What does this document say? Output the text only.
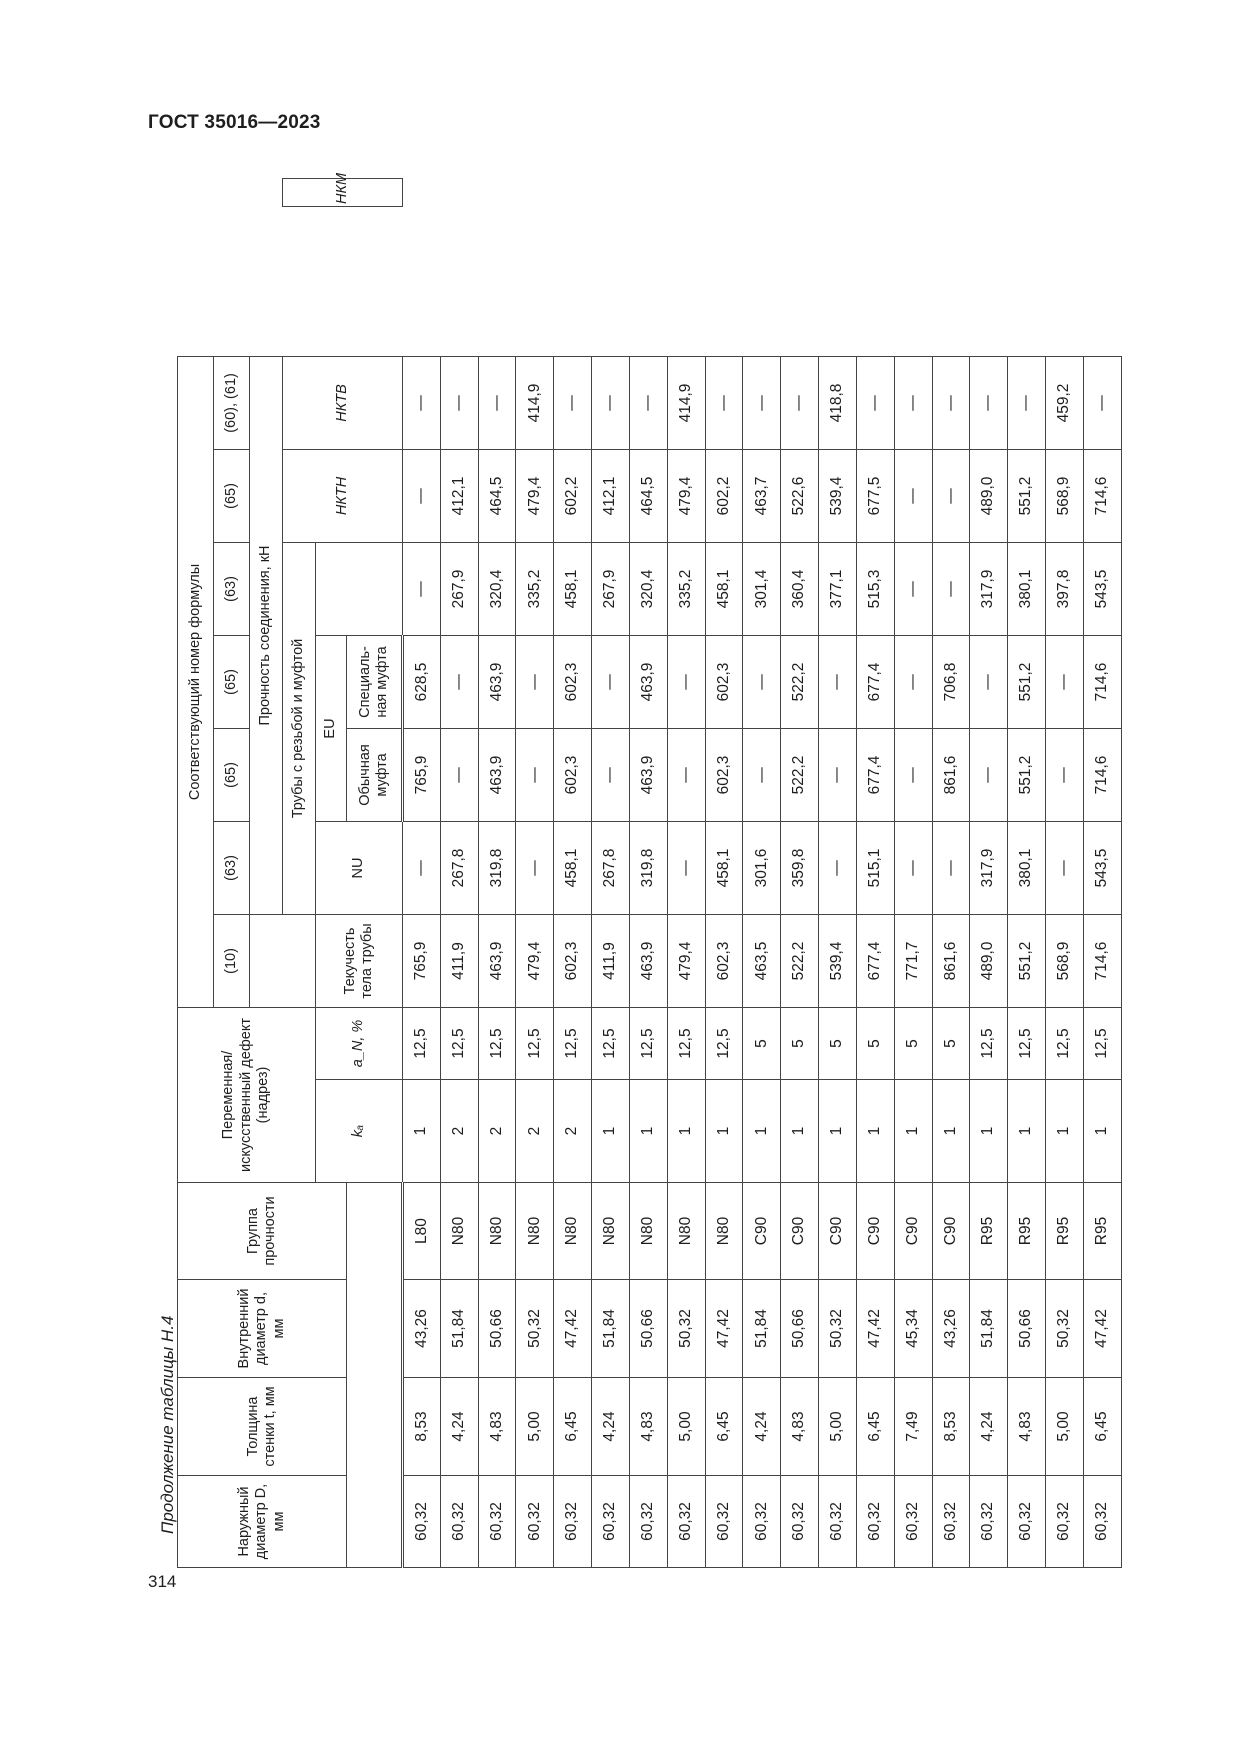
ГОСТ 35016—2023
Продолжение таблицы Н.4
314
Наружный диаметр D, мм	Толщина стенки t, мм	Внутренний диаметр d, мм	Группа прочности	Переменная/ искусственный дефект (надрез)		Соответствующий номер формулы								
						(10)	(63)	(65)	(65)	(63)	(65)	(60), (61)		
							Прочность соединения, кН							
							Трубы с резьбой и муфтой				НКТН	НКТВ		НКМ
				kₐ	a_N, %	Текучесть тела трубы	NU	EU						
								Обычная муфта	Специаль- ная муфта					
60,32	8,53	43,26	L80	1	12,5	765,9	—	765,9	628,5	—	—	—		
60,32	4,24	51,84	N80	2	12,5	411,9	267,8	—	—	267,9	412,1	—		
60,32	4,83	50,66	N80	2	12,5	463,9	319,8	463,9	463,9	320,4	464,5	—		
60,32	5,00	50,32	N80	2	12,5	479,4	—	—	—	335,2	479,4	414,9		
60,32	6,45	47,42	N80	2	12,5	602,3	458,1	602,3	602,3	458,1	602,2	—		
60,32	4,24	51,84	N80	1	12,5	411,9	267,8	—	—	267,9	412,1	—		
60,32	4,83	50,66	N80	1	12,5	463,9	319,8	463,9	463,9	320,4	464,5	—		
60,32	5,00	50,32	N80	1	12,5	479,4	—	—	—	335,2	479,4	414,9		
60,32	6,45	47,42	N80	1	12,5	602,3	458,1	602,3	602,3	458,1	602,2	—		
60,32	4,24	51,84	C90	1	5	463,5	301,6	—	—	301,4	463,7	—		
60,32	4,83	50,66	C90	1	5	522,2	359,8	522,2	522,2	360,4	522,6	—		
60,32	5,00	50,32	C90	1	5	539,4	—	—	—	377,1	539,4	418,8		
60,32	6,45	47,42	C90	1	5	677,4	515,1	677,4	677,4	515,3	677,5	—		
60,32	7,49	45,34	C90	1	5	771,7	—	—	—	—	—	—		
60,32	8,53	43,26	C90	1	5	861,6	—	861,6	706,8	—	—	—		
60,32	4,24	51,84	R95	1	12,5	489,0	317,9	—	—	317,9	489,0	—		
60,32	4,83	50,66	R95	1	12,5	551,2	380,1	551,2	551,2	380,1	551,2	—		
60,32	5,00	50,32	R95	1	12,5	568,9	—	—	—	397,8	568,9	459,2		
60,32	6,45	47,42	R95	1	12,5	714,6	543,5	714,6	714,6	543,5	714,6	—		
